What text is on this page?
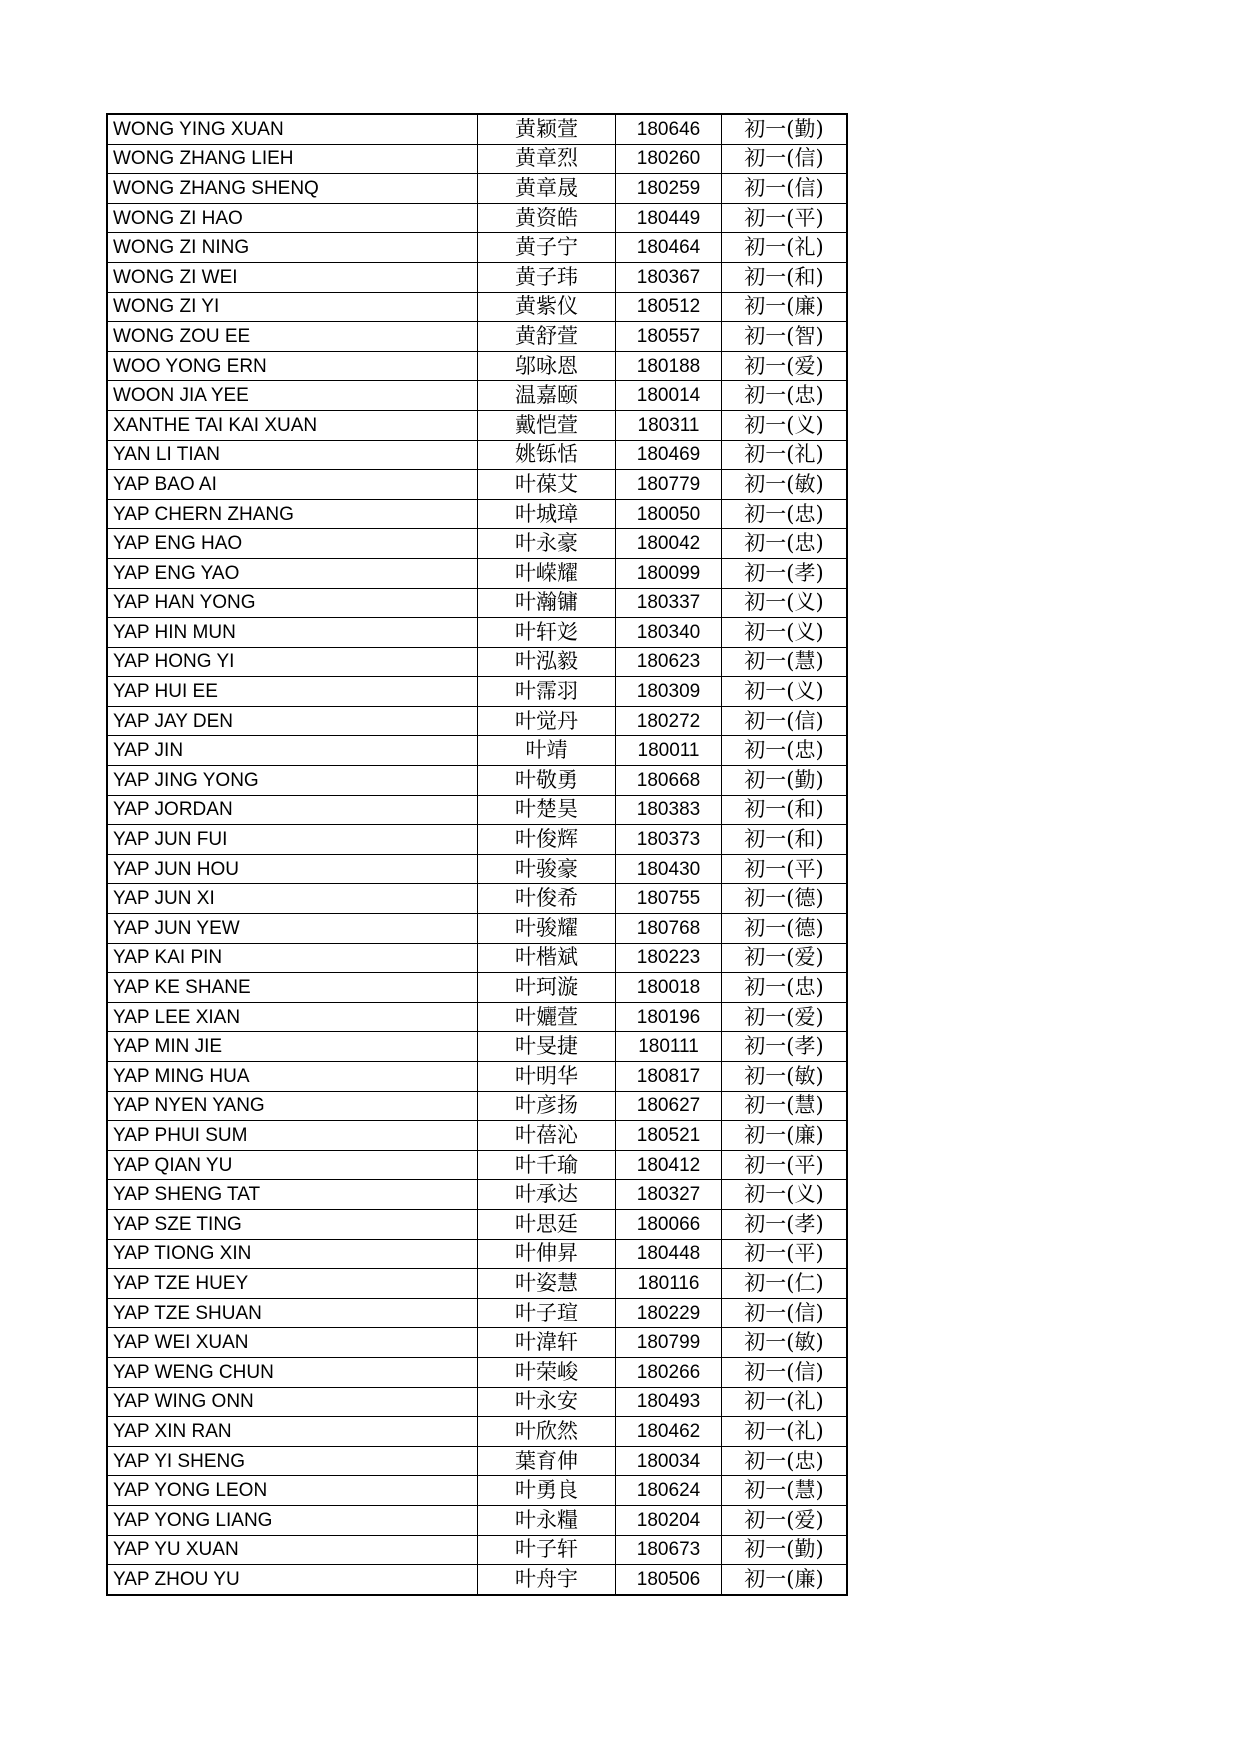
WONG YING XUAN	黄颖萱	180646	初一(勤)
WONG ZHANG LIEH	黄章烈	180260	初一(信)
WONG ZHANG SHENQ	黄章晟	180259	初一(信)
WONG ZI HAO	黄资皓	180449	初一(平)
WONG ZI NING	黄子宁	180464	初一(礼)
WONG ZI WEI	黄子玮	180367	初一(和)
WONG ZI YI	黄紫仪	180512	初一(廉)
WONG ZOU EE	黄舒萱	180557	初一(智)
WOO YONG ERN	邬咏恩	180188	初一(爱)
WOON JIA YEE	温嘉颐	180014	初一(忠)
XANTHE TAI KAI XUAN	戴恺萱	180311	初一(义)
YAN LI TIAN	姚铄恬	180469	初一(礼)
YAP BAO AI	叶葆艾	180779	初一(敏)
YAP CHERN ZHANG	叶城璋	180050	初一(忠)
YAP ENG HAO	叶永豪	180042	初一(忠)
YAP ENG YAO	叶嵘耀	180099	初一(孝)
YAP HAN YONG	叶瀚镛	180337	初一(义)
YAP HIN MUN	叶轩彣	180340	初一(义)
YAP HONG YI	叶泓毅	180623	初一(慧)
YAP HUI EE	叶霈羽	180309	初一(义)
YAP JAY DEN	叶觉丹	180272	初一(信)
YAP JIN	叶靖	180011	初一(忠)
YAP JING YONG	叶敬勇	180668	初一(勤)
YAP JORDAN	叶楚昊	180383	初一(和)
YAP JUN FUI	叶俊辉	180373	初一(和)
YAP JUN HOU	叶骏豪	180430	初一(平)
YAP JUN XI	叶俊希	180755	初一(德)
YAP JUN YEW	叶骏耀	180768	初一(德)
YAP KAI PIN	叶楷斌	180223	初一(爱)
YAP KE SHANE	叶珂漩	180018	初一(忠)
YAP LEE XIAN	叶孋萱	180196	初一(爱)
YAP MIN JIE	叶旻捷	180111	初一(孝)
YAP MING HUA	叶明华	180817	初一(敏)
YAP NYEN YANG	叶彦扬	180627	初一(慧)
YAP PHUI SUM	叶蓓沁	180521	初一(廉)
YAP QIAN YU	叶千瑜	180412	初一(平)
YAP SHENG TAT	叶承达	180327	初一(义)
YAP SZE TING	叶思廷	180066	初一(孝)
YAP TIONG XIN	叶伸昇	180448	初一(平)
YAP TZE HUEY	叶姿慧	180116	初一(仁)
YAP TZE SHUAN	叶子瑄	180229	初一(信)
YAP WEI XUAN	叶湋轩	180799	初一(敏)
YAP WENG CHUN	叶荣峻	180266	初一(信)
YAP WING ONN	叶永安	180493	初一(礼)
YAP XIN RAN	叶欣然	180462	初一(礼)
YAP YI SHENG	葉育伸	180034	初一(忠)
YAP YONG LEON	叶勇良	180624	初一(慧)
YAP YONG LIANG	叶永糧	180204	初一(爱)
YAP YU XUAN	叶子轩	180673	初一(勤)
YAP ZHOU YU	叶舟宇	180506	初一(廉)
